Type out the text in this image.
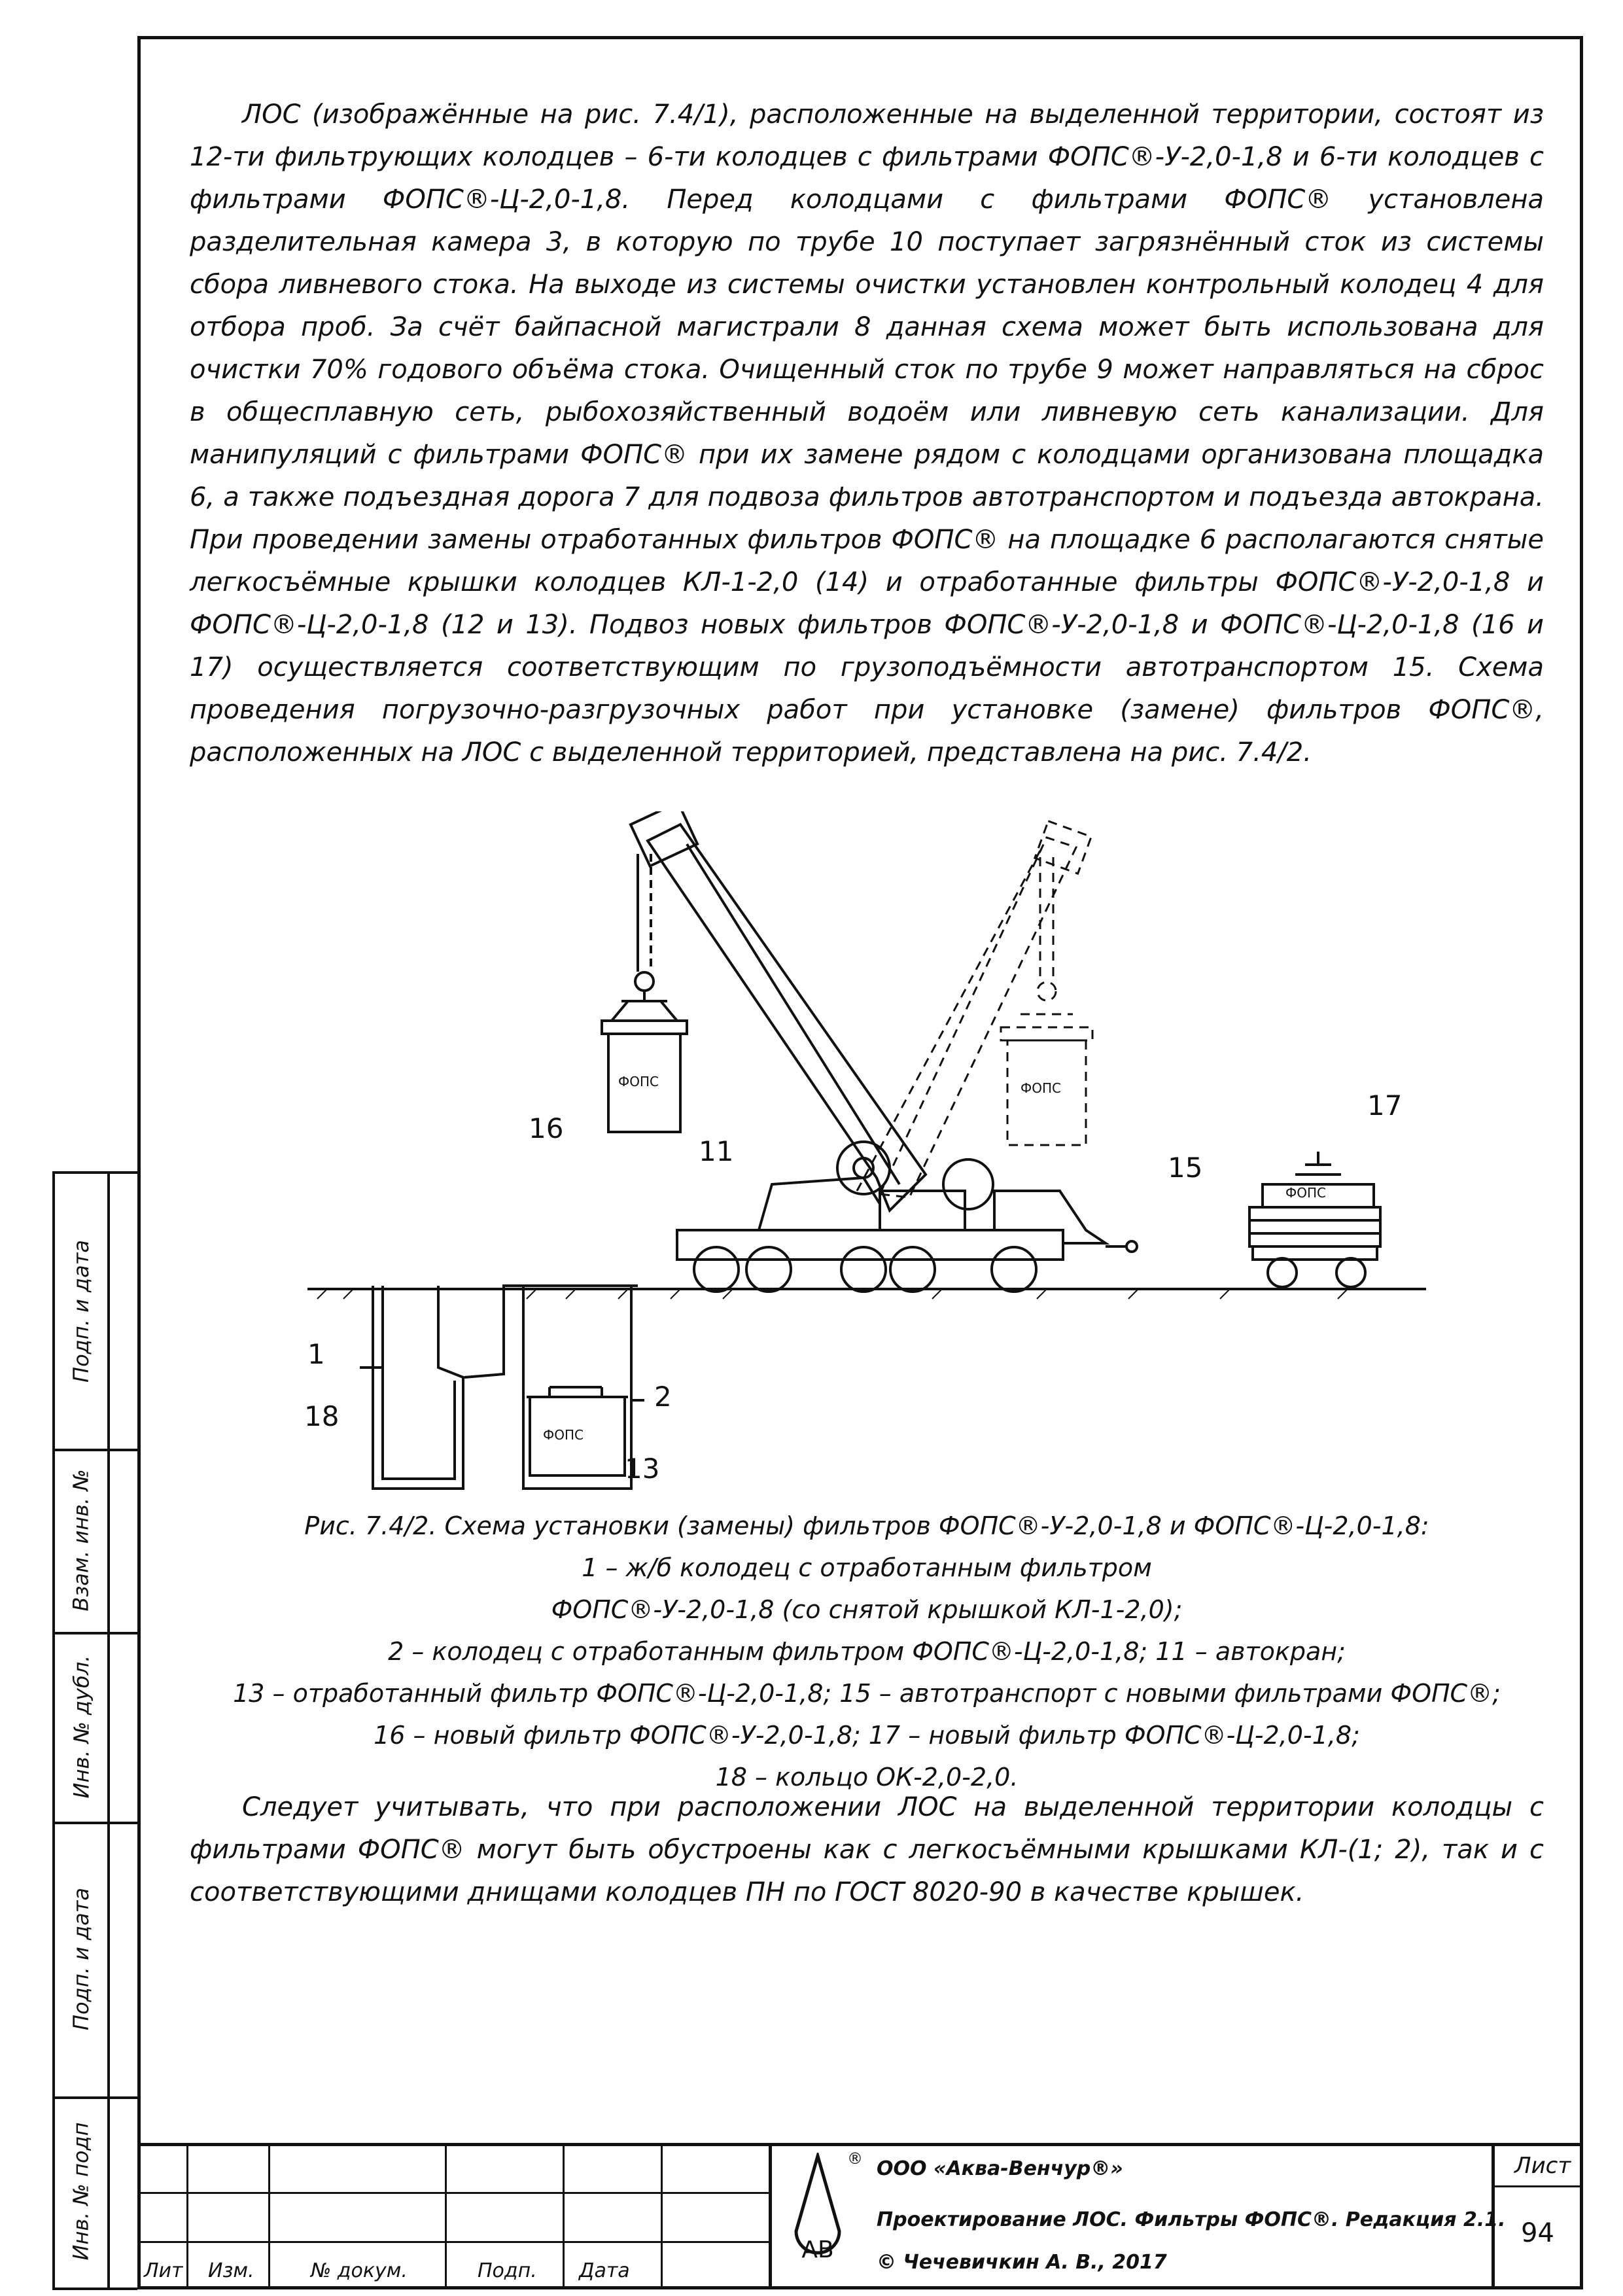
ЛОС (изображённые на рис. 7.4/1), расположенные на выделенной территории, состоят из 12-ти фильтрующих колодцев – 6-ти колодцев с фильтрами ФОПС®-У-2,0-1,8 и 6-ти колодцев с фильтрами ФОПС®-Ц-2,0-1,8. Перед колодцами с фильтрами ФОПС® установлена разделительная камера 3, в которую по трубе 10 поступает загрязнённый сток из системы сбора ливневого стока. На выходе из системы очистки установлен контрольный колодец 4 для отбора проб. За счёт байпасной магистрали 8 данная схема может быть использована для очистки 70% годового объёма стока. Очищенный сток по трубе 9 может направляться на сброс в общесплавную сеть, рыбохозяйственный водоём или ливневую сеть канализации. Для манипуляций с фильтрами ФОПС® при их замене рядом с колодцами организована площадка 6, а также подъездная дорога 7 для подвоза фильтров автотранспортом и подъезда автокрана. При проведении замены отработанных фильтров ФОПС® на площадке 6 располагаются снятые легкосъёмные крышки колодцев КЛ-1-2,0 (14) и отработанные фильтры ФОПС®-У-2,0-1,8 и ФОПС®-Ц-2,0-1,8 (12 и 13). Подвоз новых фильтров ФОПС®-У-2,0-1,8 и ФОПС®-Ц-2,0-1,8 (16 и 17) осуществляется соответствующим по грузоподъёмности автотранспортом 15. Схема проведения погрузочно-разгрузочных работ при установке (замене) фильтров ФОПС®, расположенных на ЛОС с выделенной территорией, представлена на рис. 7.4/2.

ФОПС
ФОПС
ФОПС
ФОПС
16
11
15
17
1
18
2
13
Рис. 7.4/2. Схема установки (замены) фильтров ФОПС®-У-2,0-1,8 и ФОПС®-Ц-2,0-1,8:
1 – ж/б колодец с отработанным фильтром
ФОПС®-У-2,0-1,8 (со снятой крышкой КЛ-1-2,0);
2 – колодец с отработанным фильтром ФОПС®-Ц-2,0-1,8; 11 – автокран;
13 – отработанный фильтр ФОПС®-Ц-2,0-1,8; 15 – автотранспорт с новыми фильтрами ФОПС®;
16 – новый фильтр ФОПС®-У-2,0-1,8; 17 – новый фильтр ФОПС®-Ц-2,0-1,8;
18 – кольцо ОК-2,0-2,0.

Следует учитывать, что при расположении ЛОС на выделенной территории колодцы с фильтрами ФОПС® могут быть обустроены как с легкосъёмными крышками КЛ-(1; 2), так и с соответствующими днищами колодцев ПН по ГОСТ 8020-90 в качестве крышек.

Подп. и дата
Взам. инв. №
Инв. № дубл.
Подп. и дата
Инв. № подп
Лит Изм.	№ докум.	Подп. Дата
АВ
® ООО «Аква-Венчур®»
Проектирование ЛОС. Фильтры ФОПС®. Редакция 2.1.
© Чечевичкин А. В., 2017
Лист
94
